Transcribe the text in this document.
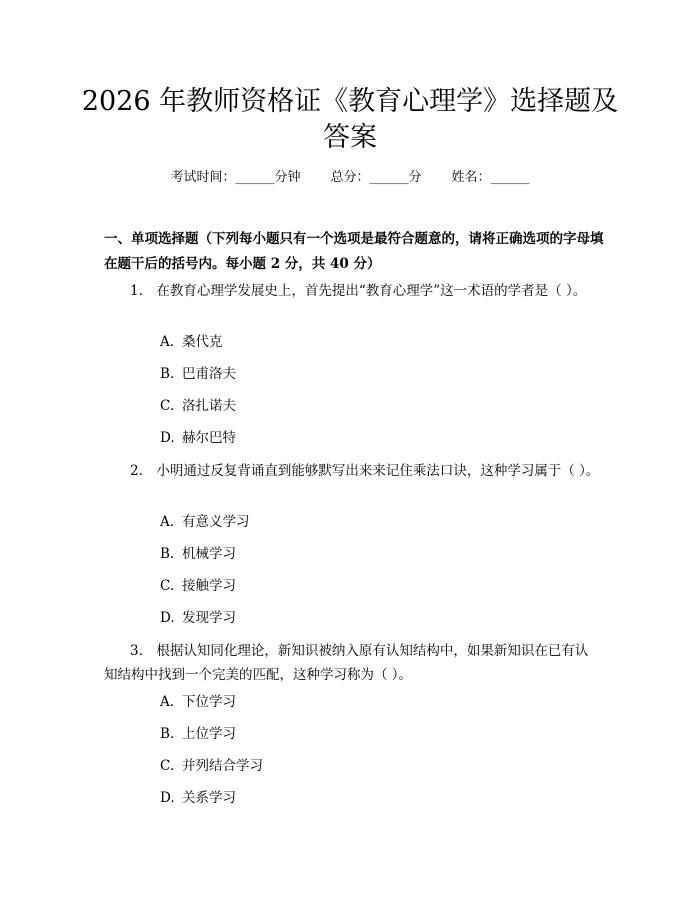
2026 年教师资格证《教育心理学》选择题及
答案
考试时间：______分钟 总分：______分 姓名：______
一、单项选择题（下列每小题只有一个选项是最符合题意的，请将正确选项的字母填在题干后的括号内。每小题 2 分，共 40 分）
1.　在教育心理学发展史上，首先提出“教育心理学”这一术语的学者是（ ）。
A. 桑代克
B. 巴甫洛夫
C. 洛扎诺夫
D. 赫尔巴特
2.　小明通过反复背诵直到能够默写出来来记住乘法口诀，这种学习属于（ ）。
A. 有意义学习
B. 机械学习
C. 接触学习
D. 发现学习
3.　根据认知同化理论，新知识被纳入原有认知结构中，如果新知识在已有认知结构中找到一个完美的匹配，这种学习称为（ ）。
A. 下位学习
B. 上位学习
C. 并列结合学习
D. 关系学习
